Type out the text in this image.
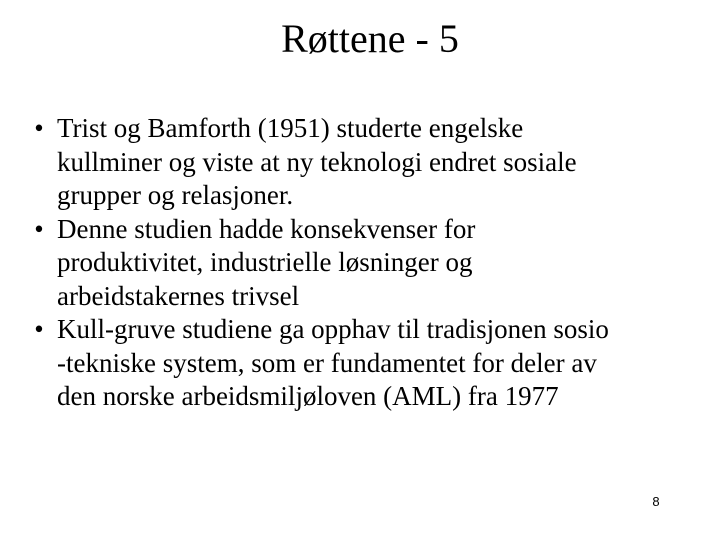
Røttene - 5
• Trist og Bamforth (1951) studerte engelske
kullminer og viste at ny teknologi endret sosiale
grupper og relasjoner.
• Denne studien hadde konsekvenser for
produktivitet, industrielle løsninger og
arbeidstakernes trivsel
• Kull-gruve studiene ga opphav til tradisjonen sosio
-tekniske system, som er fundamentet for deler av
den norske arbeidsmiljøloven (AML) fra 1977
8
